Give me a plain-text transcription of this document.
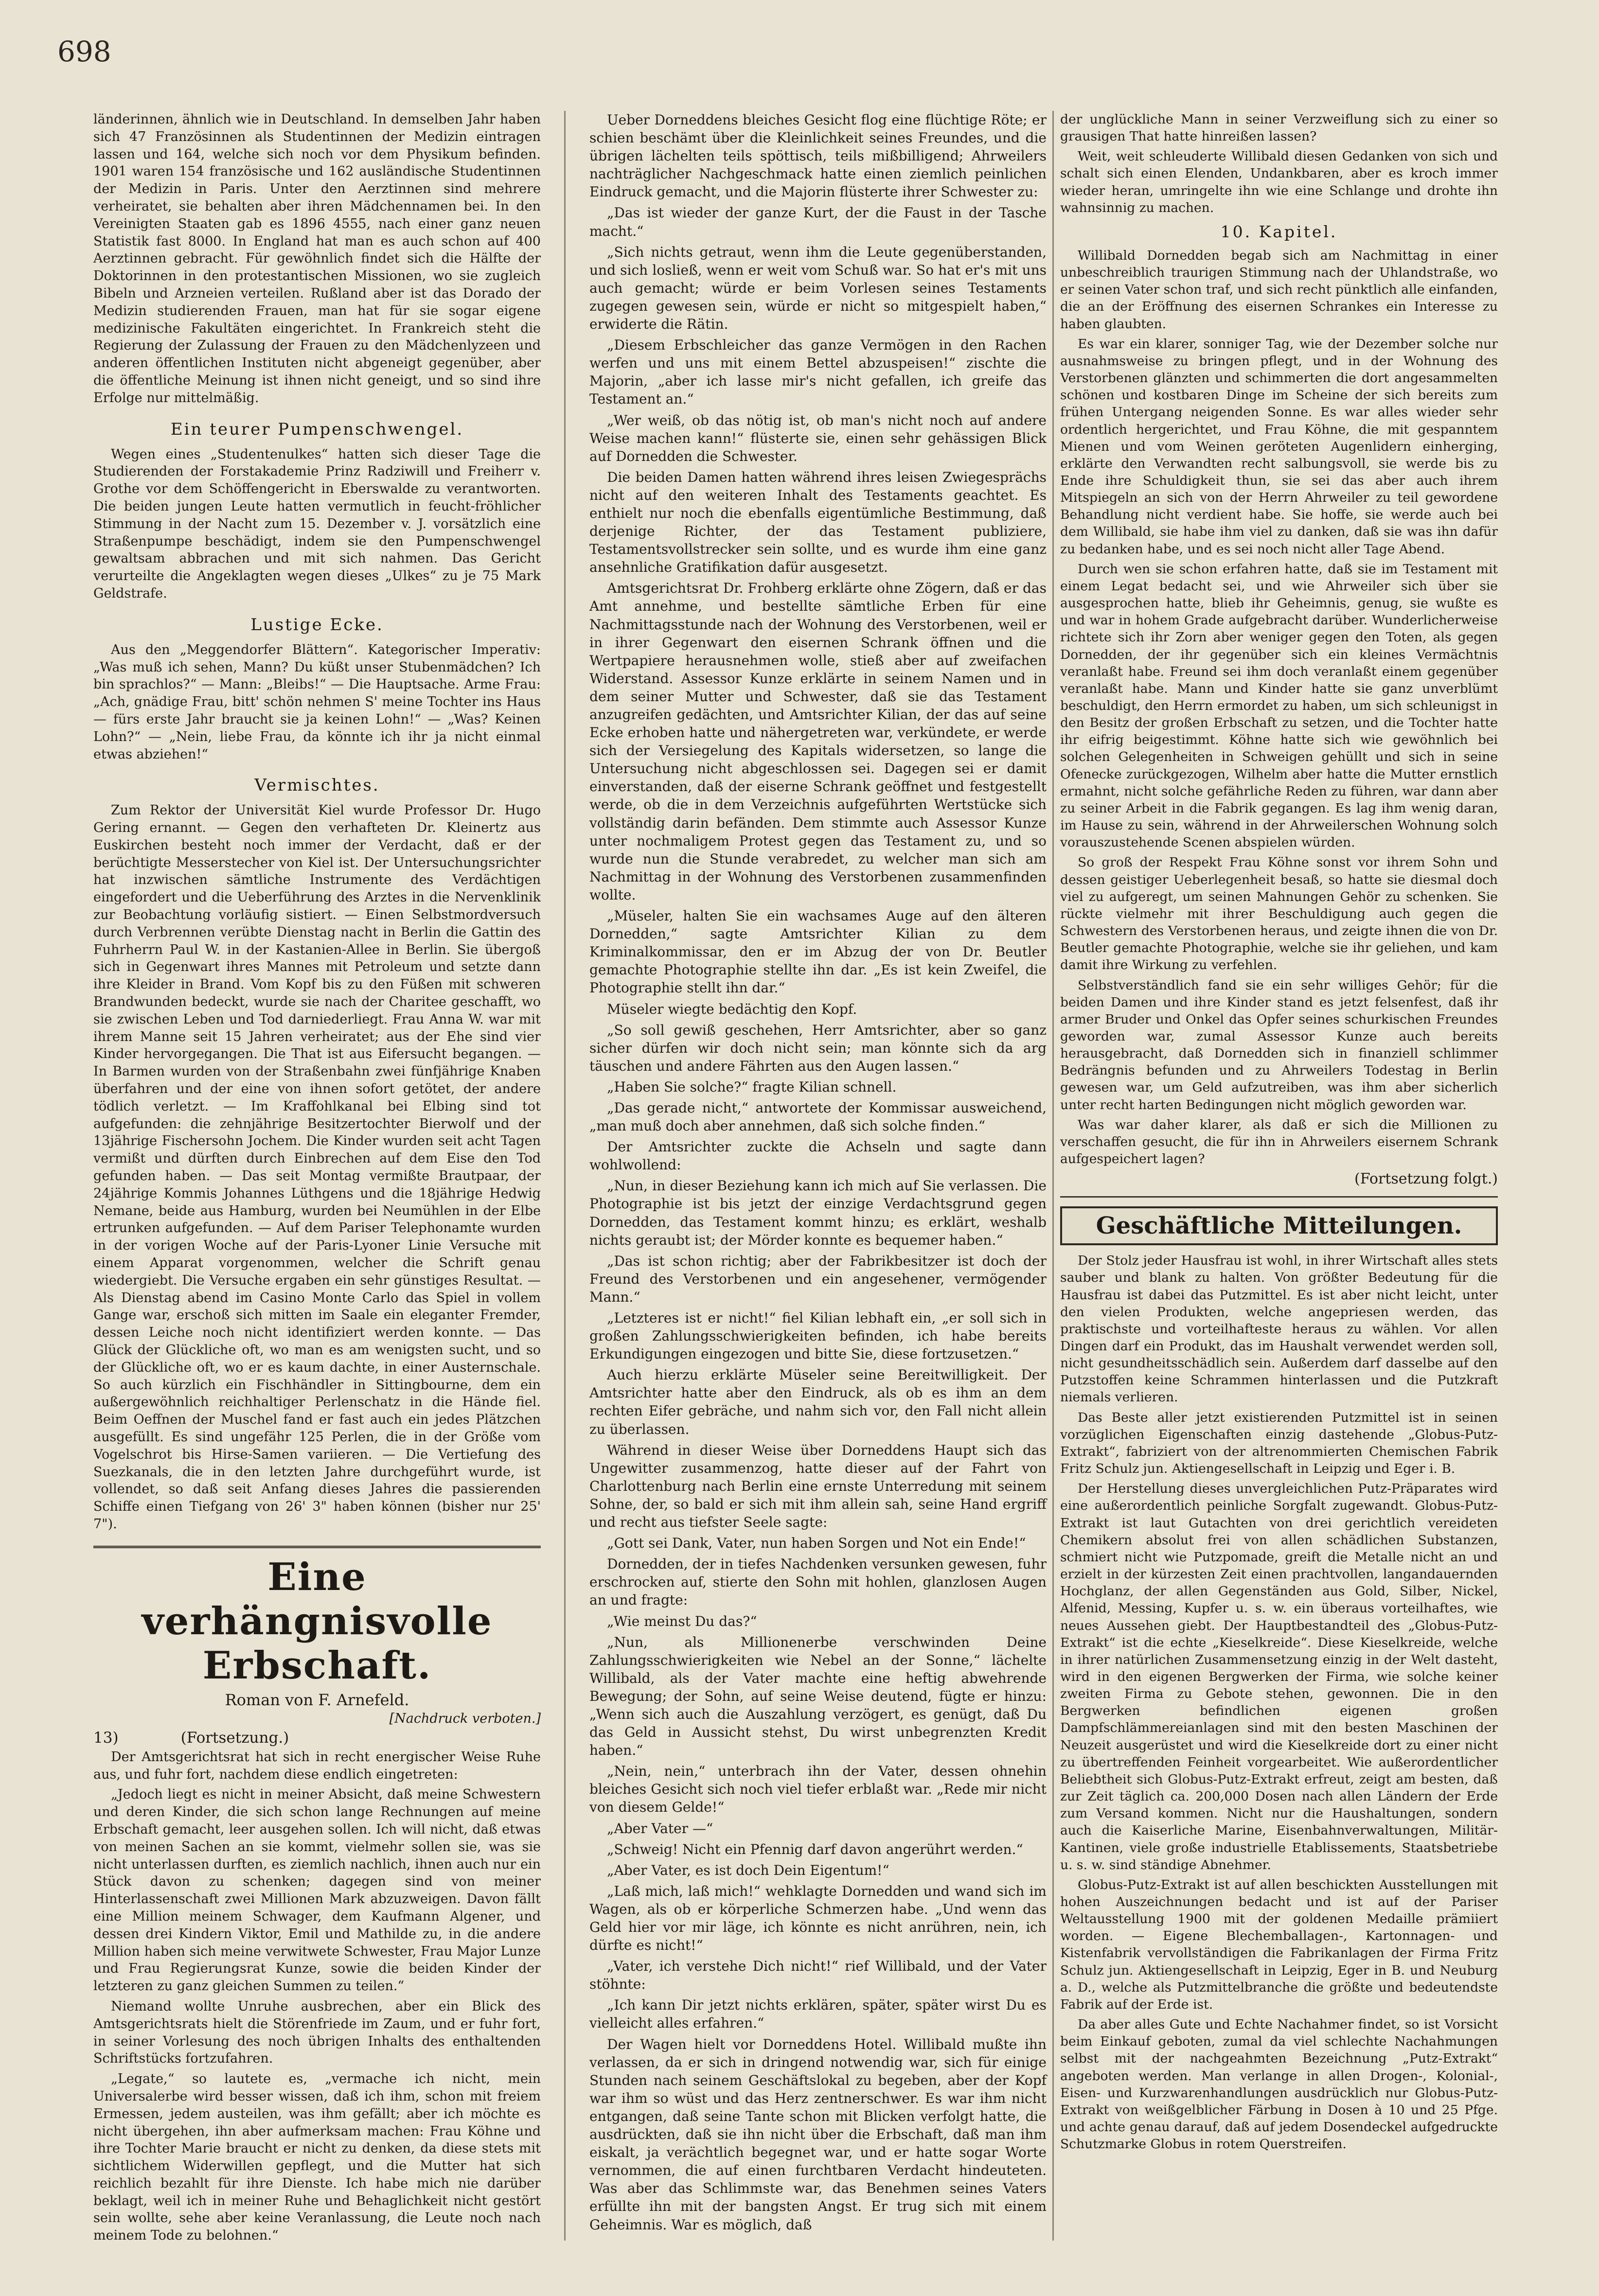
698

länderinnen, ähnlich wie in Deutschland. In demselben Jahr haben sich 47 Französinnen als Studentinnen der Medizin eintragen lassen und 164, welche sich noch vor dem Physikum befinden. 1901 waren 154 französische und 162 ausländische Studentinnen der Medizin in Paris. Unter den Aerztinnen sind mehrere verheiratet, sie behalten aber ihren Mädchennamen bei. In den Vereinigten Staaten gab es 1896 4555, nach einer ganz neuen Statistik fast 8000. In England hat man es auch schon auf 400 Aerztinnen gebracht. Für gewöhnlich findet sich die Hälfte der Doktorinnen in den protestantischen Missionen, wo sie zugleich Bibeln und Arzneien verteilen. Rußland aber ist das Dorado der Medizin studierenden Frauen, man hat für sie sogar eigene medizinische Fakultäten eingerichtet. In Frankreich steht die Regierung der Zulassung der Frauen zu den Mädchenlyzeen und anderen öffentlichen Instituten nicht abgeneigt gegenüber, aber die öffentliche Meinung ist ihnen nicht geneigt, und so sind ihre Erfolge nur mittelmäßig.

Ein teurer Pumpenschwengel.

Wegen eines „Studentenulkes“ hatten sich dieser Tage die Studierenden der Forstakademie Prinz Radziwill und Freiherr v. Grothe vor dem Schöffengericht in Eberswalde zu verantworten. Die beiden jungen Leute hatten vermutlich in feucht-fröhlicher Stimmung in der Nacht zum 15. Dezember v. J. vorsätzlich eine Straßenpumpe beschädigt, indem sie den Pumpenschwengel gewaltsam abbrachen und mit sich nahmen. Das Gericht verurteilte die Angeklagten wegen dieses „Ulkes“ zu je 75 Mark Geldstrafe.

Lustige Ecke.

Aus den „Meggendorfer Blättern“. Kategorischer Imperativ: „Was muß ich sehen, Mann? Du küßt unser Stubenmädchen? Ich bin sprachlos?“ — Mann: „Bleibs!“ — Die Hauptsache. Arme Frau: „Ach, gnädige Frau, bitt' schön nehmen S' meine Tochter ins Haus — fürs erste Jahr braucht sie ja keinen Lohn!“ — „Was? Keinen Lohn?“ — „Nein, liebe Frau, da könnte ich ihr ja nicht einmal etwas abziehen!“

Vermischtes.

Zum Rektor der Universität Kiel wurde Professor Dr. Hugo Gering ernannt. — Gegen den verhafteten Dr. Kleinertz aus Euskirchen besteht noch immer der Verdacht, daß er der berüchtigte Messerstecher von Kiel ist. Der Untersuchungsrichter hat inzwischen sämtliche Instrumente des Verdächtigen eingefordert und die Ueberführung des Arztes in die Nervenklinik zur Beobachtung vorläufig sistiert. — Einen Selbstmordversuch durch Verbrennen verübte Dienstag nacht in Berlin die Gattin des Fuhrherrn Paul W. in der Kastanien-Allee in Berlin. Sie übergoß sich in Gegenwart ihres Mannes mit Petroleum und setzte dann ihre Kleider in Brand. Vom Kopf bis zu den Füßen mit schweren Brandwunden bedeckt, wurde sie nach der Charitee geschafft, wo sie zwischen Leben und Tod darniederliegt. Frau Anna W. war mit ihrem Manne seit 15 Jahren verheiratet; aus der Ehe sind vier Kinder hervorgegangen. Die That ist aus Eifersucht begangen. — In Barmen wurden von der Straßenbahn zwei fünfjährige Knaben überfahren und der eine von ihnen sofort getötet, der andere tödlich verletzt. — Im Kraffohlkanal bei Elbing sind tot aufgefunden: die zehnjährige Besitzertochter Bierwolf und der 13jährige Fischersohn Jochem. Die Kinder wurden seit acht Tagen vermißt und dürften durch Einbrechen auf dem Eise den Tod gefunden haben. — Das seit Montag vermißte Brautpaar, der 24jährige Kommis Johannes Lüthgens und die 18jährige Hedwig Nemane, beide aus Hamburg, wurden bei Neumühlen in der Elbe ertrunken aufgefunden. — Auf dem Pariser Telephonamte wurden in der vorigen Woche auf der Paris-Lyoner Linie Versuche mit einem Apparat vorgenommen, welcher die Schrift genau wiedergiebt. Die Versuche ergaben ein sehr günstiges Resultat. — Als Dienstag abend im Casino Monte Carlo das Spiel in vollem Gange war, erschoß sich mitten im Saale ein eleganter Fremder, dessen Leiche noch nicht identifiziert werden konnte. — Das Glück der Glückliche oft, wo man es am wenigsten sucht, und so der Glückliche oft, wo er es kaum dachte, in einer Austernschale. So auch kürzlich ein Fischhändler in Sittingbourne, dem ein außergewöhnlich reichhaltiger Perlenschatz in die Hände fiel. Beim Oeffnen der Muschel fand er fast auch ein jedes Plätzchen ausgefüllt. Es sind ungefähr 125 Perlen, die in der Größe vom Vogelschrot bis Hirse-Samen variieren. — Die Vertiefung des Suezkanals, die in den letzten Jahre durchgeführt wurde, ist vollendet, so daß seit Anfang dieses Jahres die passierenden Schiffe einen Tiefgang von 26' 3" haben können (bisher nur 25' 7").

Eine verhängnisvolle Erbschaft.
Roman von F. Arnefeld.
[Nachdruck verboten.]
13)	(Fortsetzung.)

Der Amtsgerichtsrat hat sich in recht energischer Weise Ruhe aus, und fuhr fort, nachdem diese endlich eingetreten:

„Jedoch liegt es nicht in meiner Absicht, daß meine Schwestern und deren Kinder, die sich schon lange Rechnungen auf meine Erbschaft gemacht, leer ausgehen sollen. Ich will nicht, daß etwas von meinen Sachen an sie kommt, vielmehr sollen sie, was sie nicht unterlassen durften, es ziemlich nachlich, ihnen auch nur ein Stück davon zu schenken; dagegen sind von meiner Hinterlassenschaft zwei Millionen Mark abzuzweigen. Davon fällt eine Million meinem Schwager, dem Kaufmann Algener, und dessen drei Kindern Viktor, Emil und Mathilde zu, in die andere Million haben sich meine verwitwete Schwester, Frau Major Lunze und Frau Regierungsrat Kunze, sowie die beiden Kinder der letzteren zu ganz gleichen Summen zu teilen.“

Niemand wollte Unruhe ausbrechen, aber ein Blick des Amtsgerichtsrats hielt die Störenfriede im Zaum, und er fuhr fort, in seiner Vorlesung des noch übrigen Inhalts des enthaltenden Schriftstücks fortzufahren.

„Legate,“ so lautete es, „vermache ich nicht, mein Universalerbe wird besser wissen, daß ich ihm, schon mit freiem Ermessen, jedem austeilen, was ihm gefällt; aber ich möchte es nicht übergehen, ihn aber aufmerksam machen: Frau Köhne und ihre Tochter Marie braucht er nicht zu denken, da diese stets mit sichtlichem Widerwillen gepflegt, und die Mutter hat sich reichlich bezahlt für ihre Dienste. Ich habe mich nie darüber beklagt, weil ich in meiner Ruhe und Behaglichkeit nicht gestört sein wollte, sehe aber keine Veranlassung, die Leute noch nach meinem Tode zu belohnen.“

Ueber Dorneddens bleiches Gesicht flog eine flüchtige Röte; er schien beschämt über die Kleinlichkeit seines Freundes, und die übrigen lächelten teils spöttisch, teils mißbilligend; Ahrweilers nachträglicher Nachgeschmack hatte einen ziemlich peinlichen Eindruck gemacht, und die Majorin flüsterte ihrer Schwester zu:

„Das ist wieder der ganze Kurt, der die Faust in der Tasche macht.“

„Sich nichts getraut, wenn ihm die Leute gegenüberstanden, und sich losließ, wenn er weit vom Schuß war. So hat er's mit uns auch gemacht; würde er beim Vorlesen seines Testaments zugegen gewesen sein, würde er nicht so mitgespielt haben,“ erwiderte die Rätin.

„Diesem Erbschleicher das ganze Vermögen in den Rachen werfen und uns mit einem Bettel abzuspeisen!“ zischte die Majorin, „aber ich lasse mir's nicht gefallen, ich greife das Testament an.“

„Wer weiß, ob das nötig ist, ob man's nicht noch auf andere Weise machen kann!“ flüsterte sie, einen sehr gehässigen Blick auf Dornedden die Schwester.

Die beiden Damen hatten während ihres leisen Zwiegesprächs nicht auf den weiteren Inhalt des Testaments geachtet. Es enthielt nur noch die ebenfalls eigentümliche Bestimmung, daß derjenige Richter, der das Testament publiziere, Testamentsvollstrecker sein sollte, und es wurde ihm eine ganz ansehnliche Gratifikation dafür ausgesetzt.

Amtsgerichtsrat Dr. Frohberg erklärte ohne Zögern, daß er das Amt annehme, und bestellte sämtliche Erben für eine Nachmittagsstunde nach der Wohnung des Verstorbenen, weil er in ihrer Gegenwart den eisernen Schrank öffnen und die Wertpapiere herausnehmen wolle, stieß aber auf zweifachen Widerstand. Assessor Kunze erklärte in seinem Namen und in dem seiner Mutter und Schwester, daß sie das Testament anzugreifen gedächten, und Amtsrichter Kilian, der das auf seine Ecke erhoben hatte und nähergetreten war, verkündete, er werde sich der Versiegelung des Kapitals widersetzen, so lange die Untersuchung nicht abgeschlossen sei. Dagegen sei er damit einverstanden, daß der eiserne Schrank geöffnet und festgestellt werde, ob die in dem Verzeichnis aufgeführten Wertstücke sich vollständig darin befänden. Dem stimmte auch Assessor Kunze unter nochmaligem Protest gegen das Testament zu, und so wurde nun die Stunde verabredet, zu welcher man sich am Nachmittag in der Wohnung des Verstorbenen zusammenfinden wollte.

„Müseler, halten Sie ein wachsames Auge auf den älteren Dornedden,“ sagte Amtsrichter Kilian zu dem Kriminalkommissar, den er im Abzug der von Dr. Beutler gemachte Photographie stellte ihn dar. „Es ist kein Zweifel, die Photographie stellt ihn dar.“

Müseler wiegte bedächtig den Kopf.

„So soll gewiß geschehen, Herr Amtsrichter, aber so ganz sicher dürfen wir doch nicht sein; man könnte sich da arg täuschen und andere Fährten aus den Augen lassen.“

„Haben Sie solche?“ fragte Kilian schnell.

„Das gerade nicht,“ antwortete der Kommissar ausweichend, „man muß doch aber annehmen, daß sich solche finden.“

Der Amtsrichter zuckte die Achseln und sagte dann wohlwollend:

„Nun, in dieser Beziehung kann ich mich auf Sie verlassen. Die Photographie ist bis jetzt der einzige Verdachtsgrund gegen Dornedden, das Testament kommt hinzu; es erklärt, weshalb nichts geraubt ist; der Mörder konnte es bequemer haben.“

„Das ist schon richtig; aber der Fabrikbesitzer ist doch der Freund des Verstorbenen und ein angesehener, vermögender Mann.“

„Letzteres ist er nicht!“ fiel Kilian lebhaft ein, „er soll sich in großen Zahlungsschwierigkeiten befinden, ich habe bereits Erkundigungen eingezogen und bitte Sie, diese fortzusetzen.“

Auch hierzu erklärte Müseler seine Bereitwilligkeit. Der Amtsrichter hatte aber den Eindruck, als ob es ihm an dem rechten Eifer gebräche, und nahm sich vor, den Fall nicht allein zu überlassen.

Während in dieser Weise über Dorneddens Haupt sich das Ungewitter zusammenzog, hatte dieser auf der Fahrt von Charlottenburg nach Berlin eine ernste Unterredung mit seinem Sohne, der, so bald er sich mit ihm allein sah, seine Hand ergriff und recht aus tiefster Seele sagte:

„Gott sei Dank, Vater, nun haben Sorgen und Not ein Ende!“

Dornedden, der in tiefes Nachdenken versunken gewesen, fuhr erschrocken auf, stierte den Sohn mit hohlen, glanzlosen Augen an und fragte:

„Wie meinst Du das?“

„Nun, als Millionenerbe verschwinden Deine Zahlungsschwierigkeiten wie Nebel an der Sonne,“ lächelte Willibald, als der Vater machte eine heftig abwehrende Bewegung; der Sohn, auf seine Weise deutend, fügte er hinzu: „Wenn sich auch die Auszahlung verzögert, es genügt, daß Du das Geld in Aussicht stehst, Du wirst unbegrenzten Kredit haben.“

„Nein, nein,“ unterbrach ihn der Vater, dessen ohnehin bleiches Gesicht sich noch viel tiefer erblaßt war. „Rede mir nicht von diesem Gelde!“

„Aber Vater —“

„Schweig! Nicht ein Pfennig darf davon angerührt werden.“

„Aber Vater, es ist doch Dein Eigentum!“

„Laß mich, laß mich!“ wehklagte Dornedden und wand sich im Wagen, als ob er körperliche Schmerzen habe. „Und wenn das Geld hier vor mir läge, ich könnte es nicht anrühren, nein, ich dürfte es nicht!“

„Vater, ich verstehe Dich nicht!“ rief Willibald, und der Vater stöhnte:

„Ich kann Dir jetzt nichts erklären, später, später wirst Du es vielleicht alles erfahren.“

Der Wagen hielt vor Dorneddens Hotel. Willibald mußte ihn verlassen, da er sich in dringend notwendig war, sich für einige Stunden nach seinem Geschäftslokal zu begeben, aber der Kopf war ihm so wüst und das Herz zentnerschwer. Es war ihm nicht entgangen, daß seine Tante schon mit Blicken verfolgt hatte, die ausdrückten, daß sie ihn nicht über die Erbschaft, daß man ihm eiskalt, ja verächtlich begegnet war, und er hatte sogar Worte vernommen, die auf einen furchtbaren Verdacht hindeuteten. Was aber das Schlimmste war, das Benehmen seines Vaters erfüllte ihn mit der bangsten Angst. Er trug sich mit einem Geheimnis. War es möglich, daß

der unglückliche Mann in seiner Verzweiflung sich zu einer so grausigen That hatte hinreißen lassen?

Weit, weit schleuderte Willibald diesen Gedanken von sich und schalt sich einen Elenden, Undankbaren, aber es kroch immer wieder heran, umringelte ihn wie eine Schlange und drohte ihn wahnsinnig zu machen.

10. Kapitel.

Willibald Dornedden begab sich am Nachmittag in einer unbeschreiblich traurigen Stimmung nach der Uhlandstraße, wo er seinen Vater schon traf, und sich recht pünktlich alle einfanden, die an der Eröffnung des eisernen Schrankes ein Interesse zu haben glaubten.

Es war ein klarer, sonniger Tag, wie der Dezember solche nur ausnahmsweise zu bringen pflegt, und in der Wohnung des Verstorbenen glänzten und schimmerten die dort angesammelten schönen und kostbaren Dinge im Scheine der sich bereits zum frühen Untergang neigenden Sonne. Es war alles wieder sehr ordentlich hergerichtet, und Frau Köhne, die mit gespanntem Mienen und vom Weinen geröteten Augenlidern einherging, erklärte den Verwandten recht salbungsvoll, sie werde bis zu Ende ihre Schuldigkeit thun, sie sei das aber auch ihrem Mitspiegeln an sich von der Herrn Ahrweiler zu teil gewordene Behandlung nicht verdient habe. Sie hoffe, sie werde auch bei dem Willibald, sie habe ihm viel zu danken, daß sie was ihn dafür zu bedanken habe, und es sei noch nicht aller Tage Abend.

Durch wen sie schon erfahren hatte, daß sie im Testament mit einem Legat bedacht sei, und wie Ahrweiler sich über sie ausgesprochen hatte, blieb ihr Geheimnis, genug, sie wußte es und war in hohem Grade aufgebracht darüber. Wunderlicherweise richtete sich ihr Zorn aber weniger gegen den Toten, als gegen Dornedden, der ihr gegenüber sich ein kleines Vermächtnis veranlaßt habe. Freund sei ihm doch veranlaßt einem gegenüber veranlaßt habe. Mann und Kinder hatte sie ganz unverblümt beschuldigt, den Herrn ermordet zu haben, um sich schleunigst in den Besitz der großen Erbschaft zu setzen, und die Tochter hatte ihr eifrig beigestimmt. Köhne hatte sich wie gewöhnlich bei solchen Gelegenheiten in Schweigen gehüllt und sich in seine Ofenecke zurückgezogen, Wilhelm aber hatte die Mutter ernstlich ermahnt, nicht solche gefährliche Reden zu führen, war dann aber zu seiner Arbeit in die Fabrik gegangen. Es lag ihm wenig daran, im Hause zu sein, während in der Ahrweilerschen Wohnung solch vorauszustehende Scenen abspielen würden.

So groß der Respekt Frau Köhne sonst vor ihrem Sohn und dessen geistiger Ueberlegenheit besaß, so hatte sie diesmal doch viel zu aufgeregt, um seinen Mahnungen Gehör zu schenken. Sie rückte vielmehr mit ihrer Beschuldigung auch gegen die Schwestern des Verstorbenen heraus, und zeigte ihnen die von Dr. Beutler gemachte Photographie, welche sie ihr geliehen, und kam damit ihre Wirkung zu verfehlen.

Selbstverständlich fand sie ein sehr williges Gehör; für die beiden Damen und ihre Kinder stand es jetzt felsenfest, daß ihr armer Bruder und Onkel das Opfer seines schurkischen Freundes geworden war, zumal Assessor Kunze auch bereits herausgebracht, daß Dornedden sich in finanziell schlimmer Bedrängnis befunden und zu Ahrweilers Todestag in Berlin gewesen war, um Geld aufzutreiben, was ihm aber sicherlich unter recht harten Bedingungen nicht möglich geworden war.

Was war daher klarer, als daß er sich die Millionen zu verschaffen gesucht, die für ihn in Ahrweilers eisernem Schrank aufgespeichert lagen?

(Fortsetzung folgt.)
Geschäftliche Mitteilungen.

Der Stolz jeder Hausfrau ist wohl, in ihrer Wirtschaft alles stets sauber und blank zu halten. Von größter Bedeutung für die Hausfrau ist dabei das Putzmittel. Es ist aber nicht leicht, unter den vielen Produkten, welche angepriesen werden, das praktischste und vorteilhafteste heraus zu wählen. Vor allen Dingen darf ein Produkt, das im Haushalt verwendet werden soll, nicht gesundheitsschädlich sein. Außerdem darf dasselbe auf den Putzstoffen keine Schrammen hinterlassen und die Putzkraft niemals verlieren.

Das Beste aller jetzt existierenden Putzmittel ist in seinen vorzüglichen Eigenschaften einzig dastehende „Globus-Putz-Extrakt“, fabriziert von der altrenommierten Chemischen Fabrik Fritz Schulz jun. Aktiengesellschaft in Leipzig und Eger i. B.

Der Herstellung dieses unvergleichlichen Putz-Präparates wird eine außerordentlich peinliche Sorgfalt zugewandt. Globus-Putz-Extrakt ist laut Gutachten von drei gerichtlich vereideten Chemikern absolut frei von allen schädlichen Substanzen, schmiert nicht wie Putzpomade, greift die Metalle nicht an und erzielt in der kürzesten Zeit einen prachtvollen, langandauernden Hochglanz, der allen Gegenständen aus Gold, Silber, Nickel, Alfenid, Messing, Kupfer u. s. w. ein überaus vorteilhaftes, wie neues Aussehen giebt. Der Hauptbestandteil des „Globus-Putz-Extrakt“ ist die echte „Kieselkreide“. Diese Kieselkreide, welche in ihrer natürlichen Zusammensetzung einzig in der Welt dasteht, wird in den eigenen Bergwerken der Firma, wie solche keiner zweiten Firma zu Gebote stehen, gewonnen. Die in den Bergwerken befindlichen eigenen großen Dampfschlämmereianlagen sind mit den besten Maschinen der Neuzeit ausgerüstet und wird die Kieselkreide dort zu einer nicht zu übertreffenden Feinheit vorgearbeitet. Wie außerordentlicher Beliebtheit sich Globus-Putz-Extrakt erfreut, zeigt am besten, daß zur Zeit täglich ca. 200,000 Dosen nach allen Ländern der Erde zum Versand kommen. Nicht nur die Haushaltungen, sondern auch die Kaiserliche Marine, Eisenbahnverwaltungen, Militär-Kantinen, viele große industrielle Etablissements, Staatsbetriebe u. s. w. sind ständige Abnehmer.

Globus-Putz-Extrakt ist auf allen beschickten Ausstellungen mit hohen Auszeichnungen bedacht und ist auf der Pariser Weltausstellung 1900 mit der goldenen Medaille prämiiert worden. — Eigene Blechemballagen-, Kartonnagen- und Kistenfabrik vervollständigen die Fabrikanlagen der Firma Fritz Schulz jun. Aktiengesellschaft in Leipzig, Eger in B. und Neuburg a. D., welche als Putzmittelbranche die größte und bedeutendste Fabrik auf der Erde ist.

Da aber alles Gute und Echte Nachahmer findet, so ist Vorsicht beim Einkauf geboten, zumal da viel schlechte Nachahmungen selbst mit der nachgeahmten Bezeichnung „Putz-Extrakt“ angeboten werden. Man verlange in allen Drogen-, Kolonial-, Eisen- und Kurzwarenhandlungen ausdrücklich nur Globus-Putz-Extrakt von weißgelblicher Färbung in Dosen à 10 und 25 Pfge. und achte genau darauf, daß auf jedem Dosendeckel aufgedruckte Schutzmarke Globus in rotem Querstreifen.
